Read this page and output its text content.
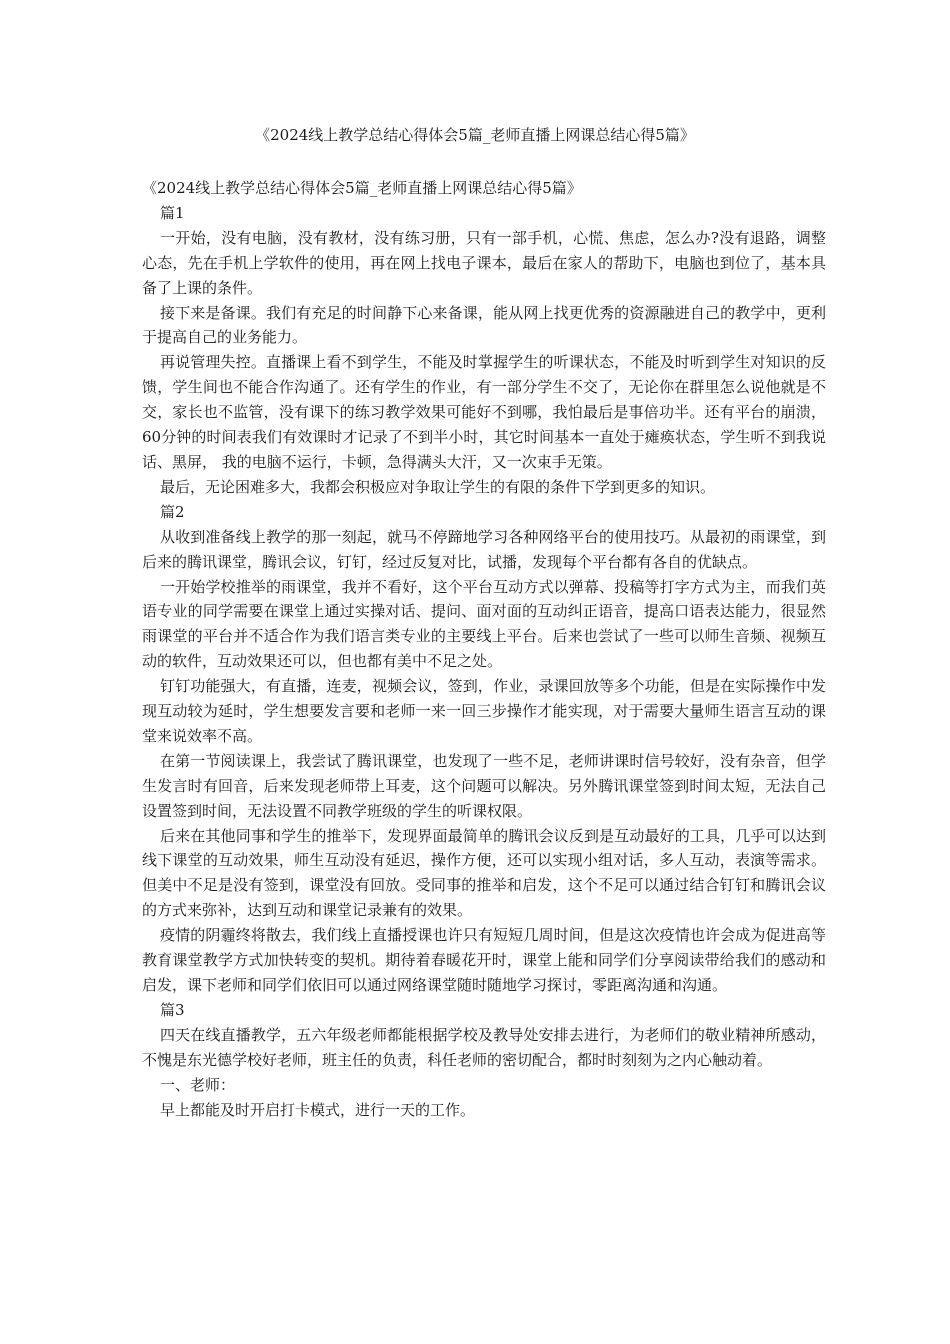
《2024线上教学总结心得体会5篇_老师直播上网课总结心得5篇》

《2024线上教学总结心得体会5篇_老师直播上网课总结心得5篇》

篇1

一开始，没有电脑，没有教材，没有练习册，只有一部手机，心慌、焦虑，怎么办?没有退路，调整心态，先在手机上学软件的使用，再在网上找电子课本，最后在家人的帮助下，电脑也到位了，基本具备了上课的条件。

接下来是备课。我们有充足的时间静下心来备课，能从网上找更优秀的资源融进自己的教学中，更利于提高自己的业务能力。

再说管理失控。直播课上看不到学生，不能及时掌握学生的听课状态，不能及时听到学生对知识的反馈，学生间也不能合作沟通了。还有学生的作业，有一部分学生不交了，无论你在群里怎么说他就是不交，家长也不监管，没有课下的练习教学效果可能好不到哪，我怕最后是事倍功半。还有平台的崩溃，60分钟的时间表我们有效课时才记录了不到半小时，其它时间基本一直处于瘫痪状态，学生听不到我说话、黑屏， 我的电脑不运行，卡顿，急得满头大汗，又一次束手无策。

最后，无论困难多大，我都会积极应对争取让学生的有限的条件下学到更多的知识。

篇2

从收到准备线上教学的那一刻起，就马不停蹄地学习各种网络平台的使用技巧。从最初的雨课堂，到后来的腾讯课堂，腾讯会议，钉钉，经过反复对比，试播，发现每个平台都有各自的优缺点。

一开始学校推举的雨课堂，我并不看好，这个平台互动方式以弹幕、投稿等打字方式为主，而我们英语专业的同学需要在课堂上通过实操对话、提问、面对面的互动纠正语音，提高口语表达能力，很显然雨课堂的平台并不适合作为我们语言类专业的主要线上平台。后来也尝试了一些可以师生音频、视频互动的软件，互动效果还可以，但也都有美中不足之处。

钉钉功能强大，有直播，连麦，视频会议，签到，作业，录课回放等多个功能，但是在实际操作中发现互动较为延时，学生想要发言要和老师一来一回三步操作才能实现，对于需要大量师生语言互动的课堂来说效率不高。

在第一节阅读课上，我尝试了腾讯课堂，也发现了一些不足，老师讲课时信号较好，没有杂音，但学生发言时有回音，后来发现老师带上耳麦，这个问题可以解决。另外腾讯课堂签到时间太短，无法自己设置签到时间，无法设置不同教学班级的学生的听课权限。

后来在其他同事和学生的推举下，发现界面最简单的腾讯会议反到是互动最好的工具，几乎可以达到线下课堂的互动效果，师生互动没有延迟，操作方便，还可以实现小组对话，多人互动，表演等需求。但美中不足是没有签到，课堂没有回放。受同事的推举和启发，这个不足可以通过结合钉钉和腾讯会议的方式来弥补，达到互动和课堂记录兼有的效果。

疫情的阴霾终将散去，我们线上直播授课也许只有短短几周时间，但是这次疫情也许会成为促进高等教育课堂教学方式加快转变的契机。期待着春暖花开时，课堂上能和同学们分享阅读带给我们的感动和启发，课下老师和同学们依旧可以通过网络课堂随时随地学习探讨，零距离沟通和沟通。

篇3

四天在线直播教学，五六年级老师都能根据学校及教导处安排去进行，为老师们的敬业精神所感动，不愧是东光德学校好老师，班主任的负责，科任老师的密切配合，都时时刻刻为之内心触动着。

一、老师：

早上都能及时开启打卡模式，进行一天的工作。
